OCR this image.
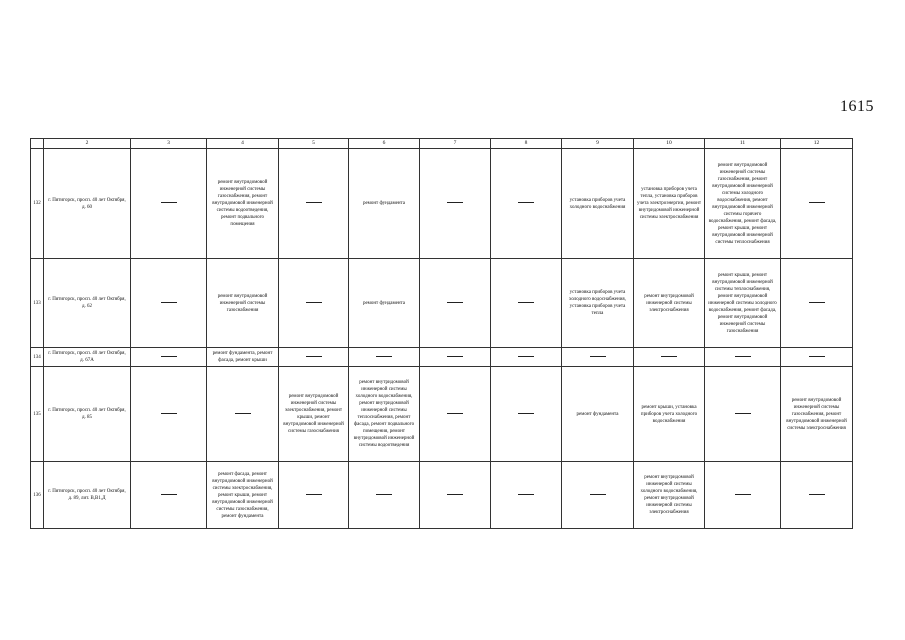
1615
	2	3	4	5	6	7	8	9	10	11	12
132	г. Пятигорск, просп. 40 лет Октября, д. 60		ремонт внутридомовой инженерной системы газоснабжения, ремонт внутридомовой инженерной системы водоотведения, ремонт подвального помещения		ремонт фундамента			установка приборов учета холодного водоснабжения	установка приборов учета тепла, установка приборов учета электроэнергии, ремонт внутридомовой инженерной системы электроснабжения	ремонт внутридомовой инженерной системы газоснабжения, ремонт внутридомовой инженерной системы холодного водоснабжения, ремонт внутридомовой инженерной системы горячего водоснабжения, ремонт фасада, ремонт крыши, ремонт внутридомовой инженерной системы теплоснабжения	
133	г. Пятигорск, просп. 40 лет Октября, д. 62		ремонт внутридомовой инженерной системы газоснабжения		ремонт фундамента			установка приборов учета холодного водоснабжения, установка приборов учета тепла	ремонт внутридомовой инженерной системы электроснабжения	ремонт крыши, ремонт внутридомовой инженерной системы теплоснабжения, ремонт внутридомовой инженерной системы холодного водоснабжения, ремонт фасада, ремонт внутридомовой инженерной системы газоснабжения	
134	г. Пятигорск, просп. 40 лет Октября, д. 67А		ремонт фундамента, ремонт фасада, ремонт крыши								
135	г. Пятигорск, просп. 40 лет Октября, д. 85			ремонт внутридомовой инженерной системы электроснабжения, ремонт крыши, ремонт внутридомовой инженерной системы газоснабжения	ремонт внутридомовой инженерной системы холодного водоснабжения, ремонт внутридомовой инженерной системы теплоснабжения, ремонт фасада, ремонт подвального помещения, ремонт внутридомовой инженерной системы водоотведения			ремонт фундамента	ремонт крыши, установка приборов учета холодного водоснабжения		ремонт внутридомовой инженерной системы газоснабжения, ремонт внутридомовой инженерной системы электроснабжения
136	г. Пятигорск, просп. 40 лет Октября, д. 89, лит. В,В1,Д		ремонт фасада, ремонт внутридомовой инженерной системы электроснабжения, ремонт крыши, ремонт внутридомовой инженерной системы газоснабжения, ремонт фундамента						ремонт внутридомовой инженерной системы холодного водоснабжения, ремонт внутридомовой инженерной системы электроснабжения		
